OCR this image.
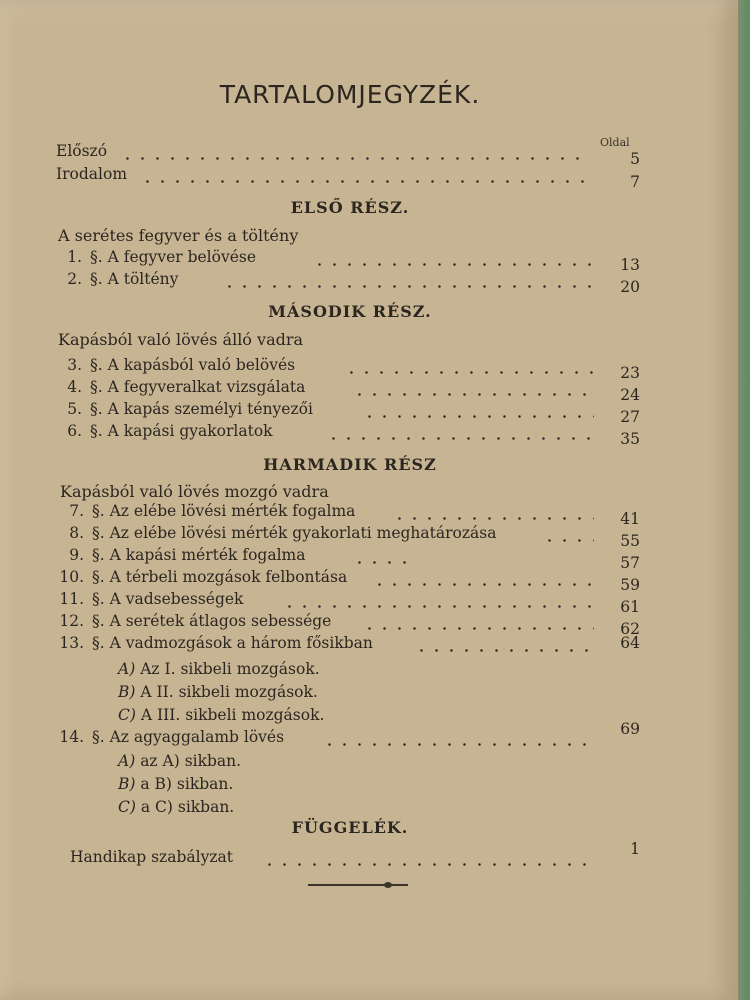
TARTALOMJEGYZÉK.
Oldal
Előszó	5
Irodalom	7
ELSŐ RÉSZ.
A serétes fegyver és a töltény
1. §. A fegyver belövése	13
2. §. A töltény	20
MÁSODIK RÉSZ.
Kapásból való lövés álló vadra
3. §. A kapásból való belövés	23
4. §. A fegyveralkat vizsgálata	24
5. §. A kapás személyi tényezői	27
6. §. A kapási gyakorlatok	35
HARMADIK RÉSZ
Kapásból való lövés mozgó vadra
7. §. Az elébe lövési mérték fogalma	41
8. §. Az elébe lövési mérték gyakorlati meghatározása	55
9. §. A kapási mérték fogalma	57
10. §. A térbeli mozgások felbontása	59
11. §. A vadsebességek	61
12. §. A serétek átlagos sebessége	62
13. §. A vadmozgások a három fősikban	64
A) Az I. sikbeli mozgások.
B) A II. sikbeli mozgások.
C) A III. sikbeli mozgások.
14. §. Az agyaggalamb lövés	69
A) az A) sikban.
B) a B) sikban.
C) a C) sikban.
FÜGGELÉK.
Handikap szabályzat	1
